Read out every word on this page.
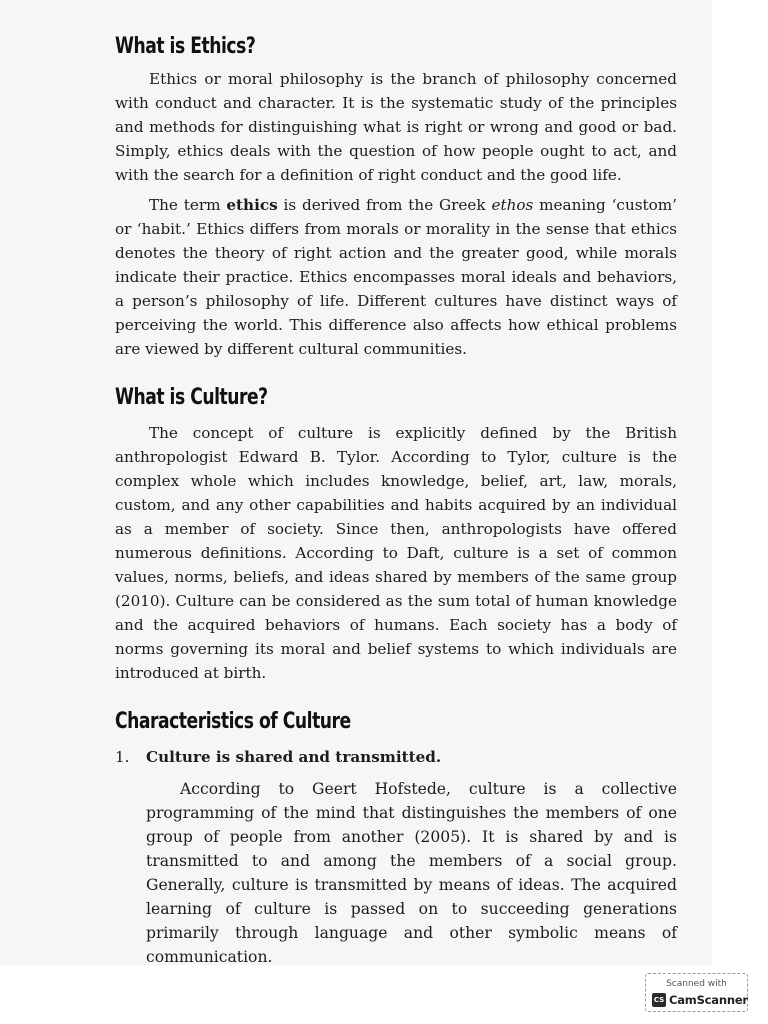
What is Ethics?

Ethics or moral philosophy is the branch of philosophy concerned with conduct and character. It is the systematic study of the principles and methods for distinguishing what is right or wrong and good or bad. Simply, ethics deals with the question of how people ought to act, and with the search for a definition of right conduct and the good life.

The term ethics is derived from the Greek ethos meaning ‘custom’ or ‘habit.’ Ethics differs from morals or morality in the sense that ethics denotes the theory of right action and the greater good, while morals indicate their practice. Ethics encompasses moral ideals and behaviors, a person’s philosophy of life. Different cultures have distinct ways of perceiving the world. This difference also affects how ethical problems are viewed by different cultural communities.

What is Culture?

The concept of culture is explicitly defined by the British anthropologist Edward B. Tylor. According to Tylor, culture is the complex whole which includes knowledge, belief, art, law, morals, custom, and any other capabilities and habits acquired by an individual as a member of society. Since then, anthropologists have offered numerous definitions. According to Daft, culture is a set of common values, norms, beliefs, and ideas shared by members of the same group (2010). Culture can be considered as the sum total of human knowledge and the acquired behaviors of humans. Each society has a body of norms governing its moral and belief systems to which individuals are introduced at birth.

Characteristics of Culture
1.	Culture is shared and transmitted.

According to Geert Hofstede, culture is a collective programming of the mind that distinguishes the members of one group of people from another (2005). It is shared by and is transmitted to and among the members of a social group. Generally, culture is transmitted by means of ideas. The acquired learning of culture is passed on to succeeding generations primarily through language and other symbolic means of communication.

Scanned with
CS CamScanner
